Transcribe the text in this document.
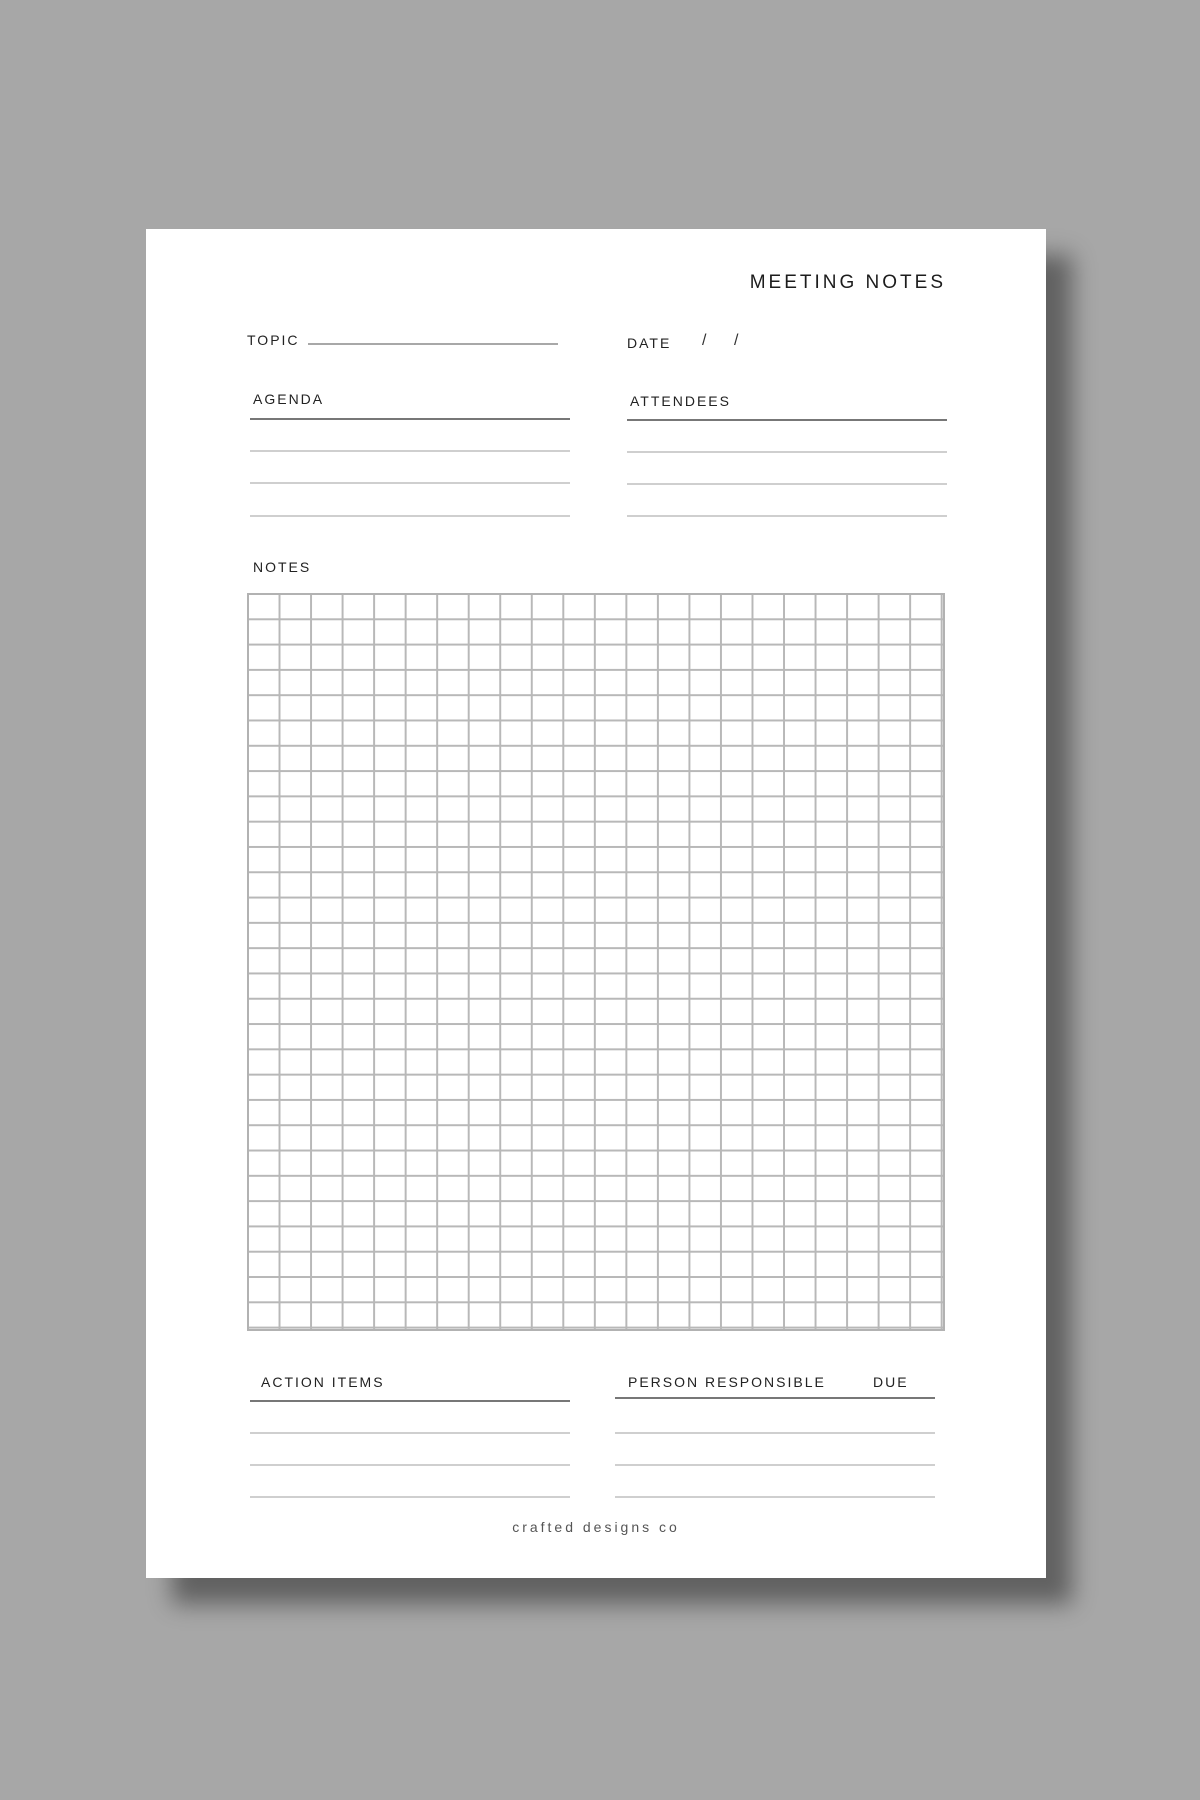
MEETING NOTES
TOPIC	DATE / /
AGENDA	ATTENDEES
NOTES
ACTION ITEMS	PERSON RESPONSIBLE	DUE
crafted designs co
